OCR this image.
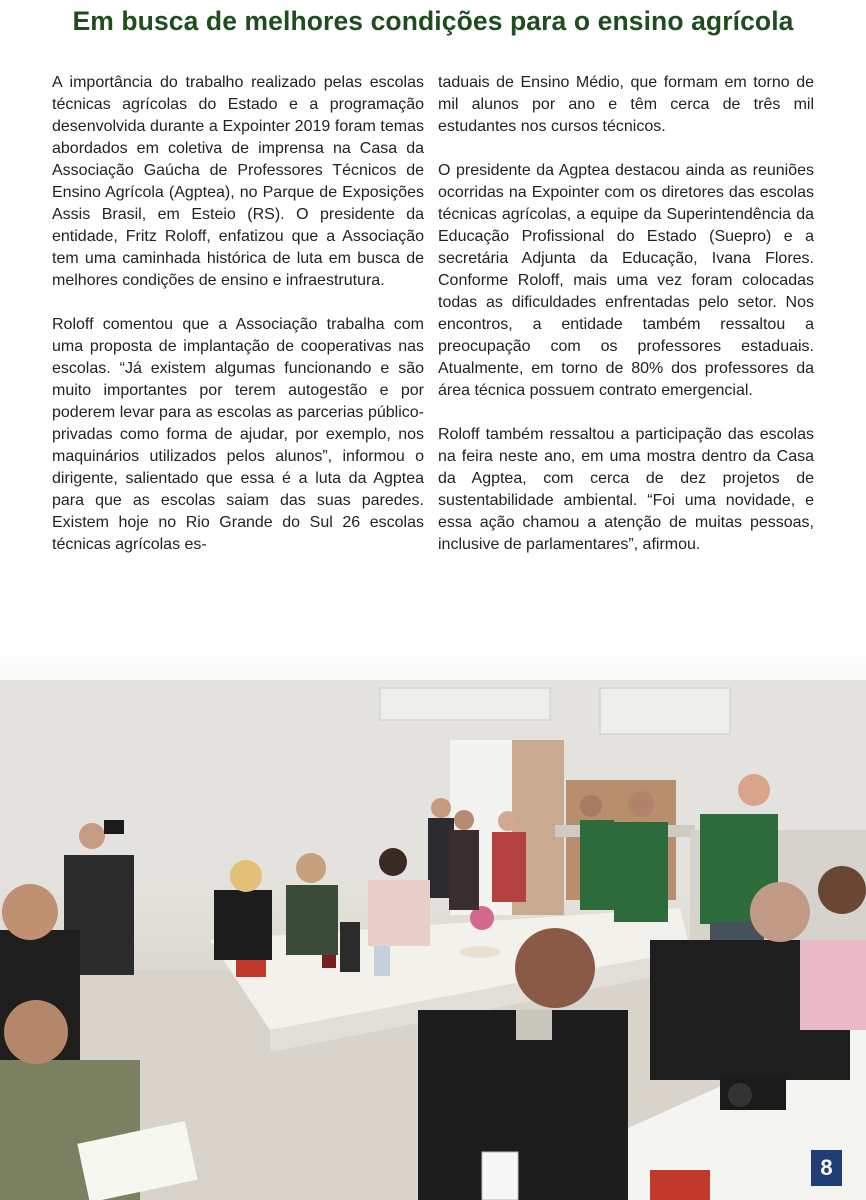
Em busca de melhores condições para o ensino agrícola

A importância do trabalho realizado pelas escolas técnicas agrícolas do Estado e a programação desenvolvida durante a Expointer 2019 foram temas abordados em coletiva de imprensa na Casa da Associação Gaúcha de Professores Técnicos de Ensino Agrícola (Agptea), no Parque de Exposições Assis Brasil, em Esteio (RS). O presidente da entidade, Fritz Roloff, enfatizou que a Associação tem uma caminhada histórica de luta em busca de melhores condições de ensino e infraestrutura.

Roloff comentou que a Associação trabalha com uma proposta de implantação de cooperativas nas escolas. “Já existem algumas funcionando e são muito importantes por terem autogestão e por poderem levar para as escolas as parcerias público-privadas como forma de ajudar, por exemplo, nos maquinários utilizados pelos alunos”, informou o dirigente, salientado que essa é a luta da Agptea para que as escolas saiam das suas paredes. Existem hoje no Rio Grande do Sul 26 escolas técnicas agrícolas es-

taduais de Ensino Médio, que formam em torno de mil alunos por ano e têm cerca de três mil estudantes nos cursos técnicos.

O presidente da Agptea destacou ainda as reuniões ocorridas na Expointer com os diretores das escolas técnicas agrícolas, a equipe da Superintendência da Educação Profissional do Estado (Suepro) e a secretária Adjunta da Educação, Ivana Flores. Conforme Roloff, mais uma vez foram colocadas todas as dificuldades enfrentadas pelo setor. Nos encontros, a entidade também ressaltou a preocupação com os professores estaduais. Atualmente, em torno de 80% dos professores da área técnica possuem contrato emergencial.

Roloff também ressaltou a participação das escolas na feira neste ano, em uma mostra dentro da Casa da Agptea, com cerca de dez projetos de sustentabilidade ambiental. “Foi uma novidade, e essa ação chamou a atenção de muitas pessoas, inclusive de parlamentares”, afirmou.

8
